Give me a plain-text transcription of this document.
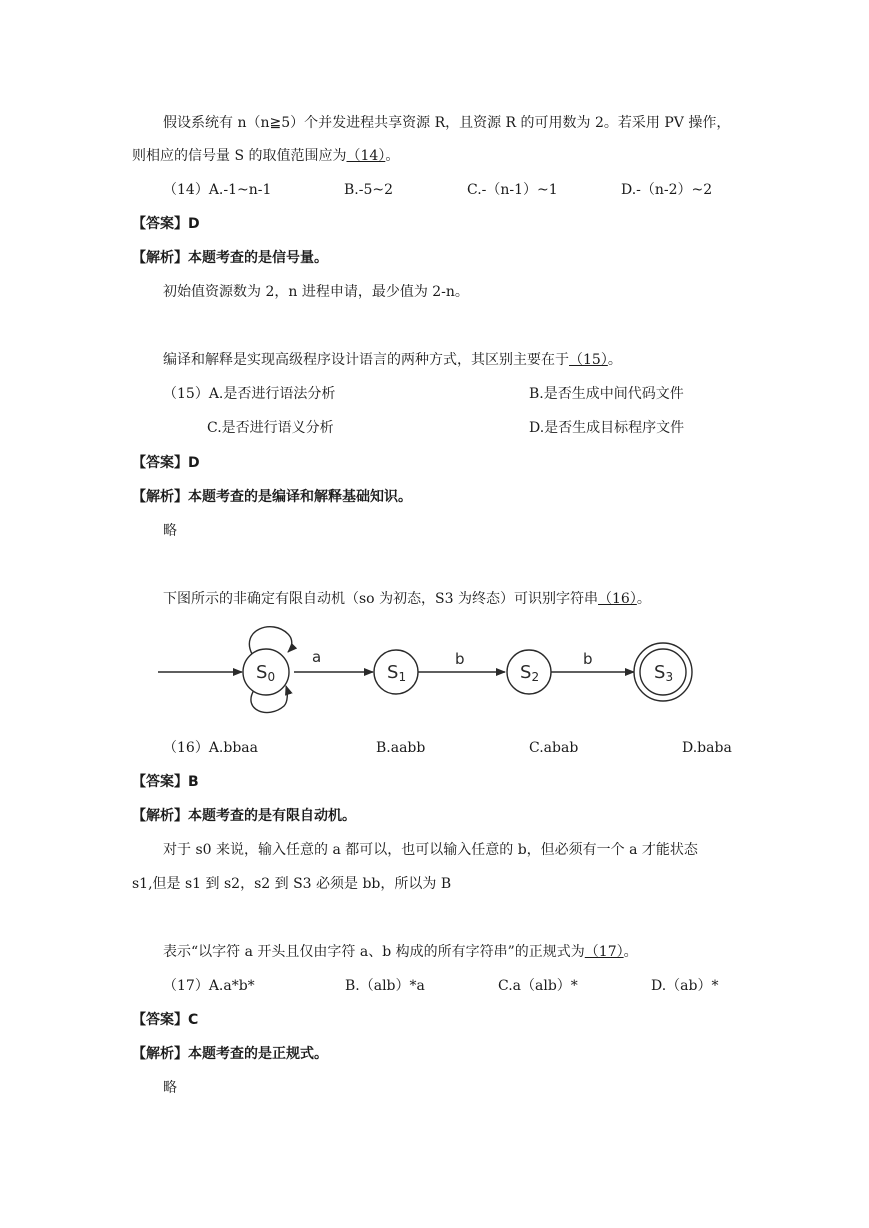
假设系统有 n（n≧5）个并发进程共享资源 R，且资源 R 的可用数为 2。若采用 PV 操作，
则相应的信号量 S 的取值范围应为（14）。
（14）A.-1~n-1	B.-5~2	C.-（n-1）~1	D.-（n-2）~2
【答案】D
【解析】本题考查的是信号量。
初始值资源数为 2，n 进程申请，最少值为 2-n。
编译和解释是实现高级程序设计语言的两种方式，其区别主要在于（15）。
（15）A.是否进行语法分析	B.是否生成中间代码文件
C.是否进行语义分析	D.是否生成目标程序文件
【答案】D
【解析】本题考查的是编译和解释基础知识。
略
下图所示的非确定有限自动机（so 为初态，S3 为终态）可识别字符串（16）。
a	b	b
S0	S1	S2	S3
（16）A.bbaa	B.aabb	C.abab	D.baba
【答案】B
【解析】本题考查的是有限自动机。
对于 s0 来说，输入任意的 a 都可以，也可以输入任意的 b，但必须有一个 a 才能状态
s1,但是 s1 到 s2，s2 到 S3 必须是 bb，所以为 B
表示“以字符 a 开头且仅由字符 a、b 构成的所有字符串”的正规式为（17）。
（17）A.a*b*	B.（alb）*a	C.a（alb）*	D.（ab）*
【答案】C
【解析】本题考查的是正规式。
略
